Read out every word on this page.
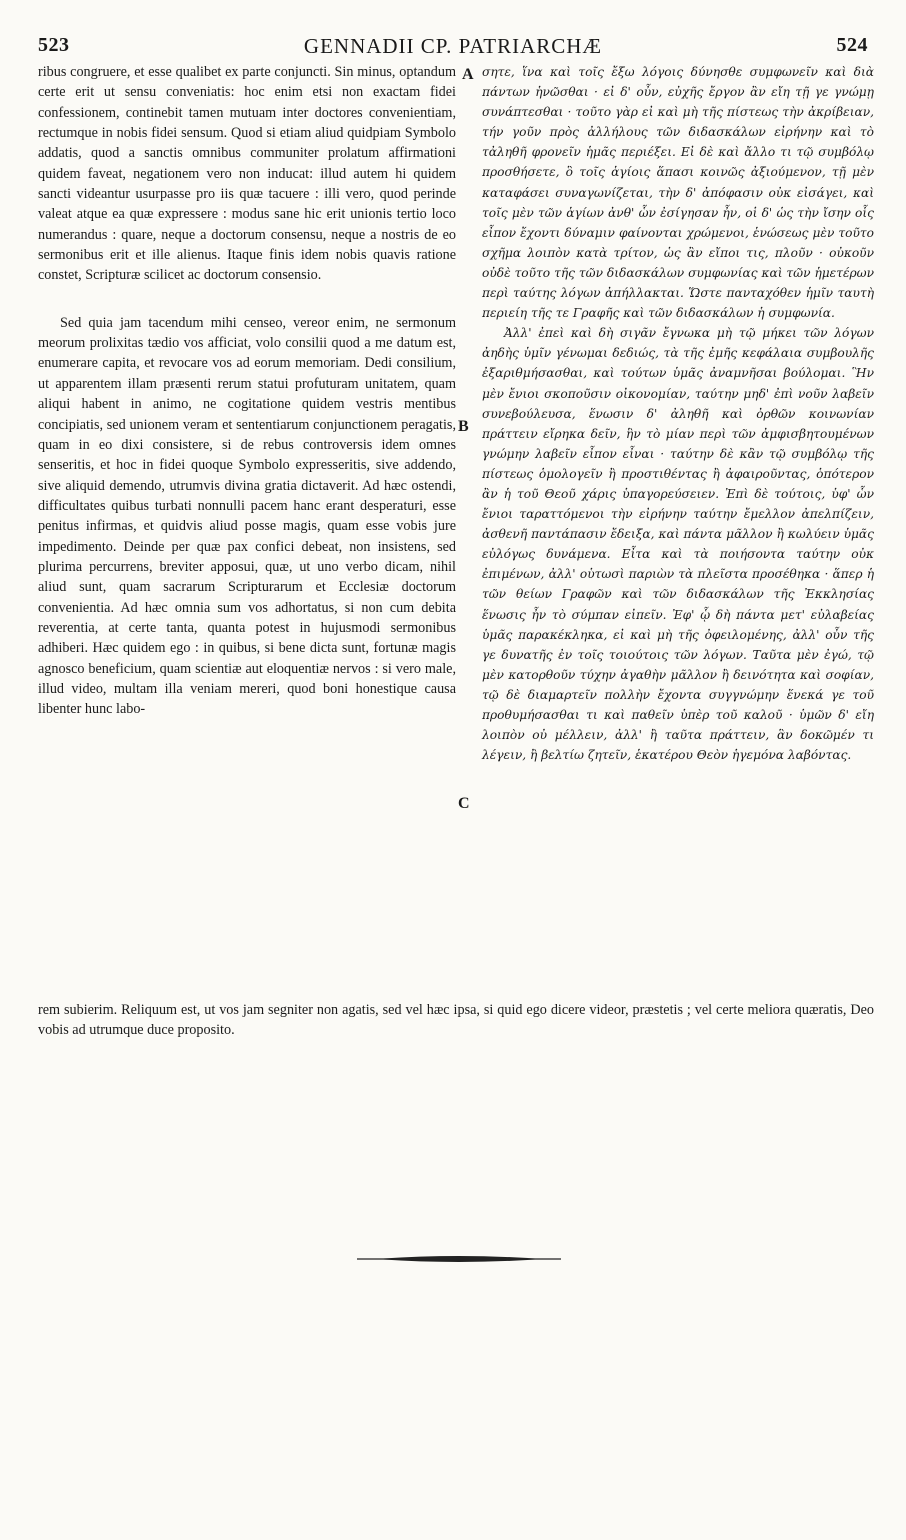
523	GENNADII CP. PATRIARCHÆ	524

ribus congruere, et esse qualibet ex parte conjuncti. Sin minus, optandum certe erit ut sensu conveniatis: hoc enim etsi non exactam fidei confessionem, continebit tamen mutuam inter doctores convenientiam, rectumque in nobis fidei sensum. Quod si etiam aliud quidpiam Symbolo addatis, quod a sanctis omnibus communiter prolatum affirmationi quidem faveat, negationem vero non inducat: illud autem hi quidem sancti videantur usurpasse pro iis quæ tacuere : illi vero, quod perinde valeat atque ea quæ expressere : modus sane hic erit unionis tertio loco numerandus : quare, neque a doctorum consensu, neque a nostris de eo sermonibus erit et ille alienus. Itaque finis idem nobis quavis ratione constet, Scripturæ scilicet ac doctorum consensio.

Sed quia jam tacendum mihi censeo, vereor enim, ne sermonum meorum prolixitas tædio vos afficiat, volo consilii quod a me datum est, enumerare capita, et revocare vos ad eorum memoriam. Dedi consilium, ut apparentem illam præsenti rerum statui profuturam unitatem, quam aliqui habent in animo, ne cogitatione quidem vestris mentibus concipiatis, sed unionem veram et sententiarum conjunctionem peragatis, quam in eo dixi consistere, si de rebus controversis idem omnes senseritis, et hoc in fidei quoque Symbolo expresseritis, sive addendo, sive aliquid demendo, utrumvis divina gratia dictaverit. Ad hæc ostendi, difficultates quibus turbati nonnulli pacem hanc erant desperaturi, esse penitus infirmas, et quidvis aliud posse magis, quam esse vobis jure impedimento. Deinde per quæ pax confici debeat, non insistens, sed plurima percurrens, breviter apposui, quæ, ut uno verbo dicam, nihil aliud sunt, quam sacrarum Scripturarum et Ecclesiæ doctorum convenientia. Ad hæc omnia sum vos adhortatus, si non cum debita reverentia, at certe tanta, quanta potest in hujusmodi sermonibus adhiberi. Hæc quidem ego : in quibus, si bene dicta sunt, fortunæ magis agnosco beneficium, quam scientiæ aut eloquentiæ nervos : si vero male, illud video, multam illa veniam mereri, quod boni honestique causa libenter hunc labo-

A
B
C

σητε, ἵνα καὶ τοῖς ἔξω λόγοις δύνησθε συμφωνεῖν καὶ διὰ πάντων ἡνῶσθαι · εἰ δ' οὖν, εὐχῆς ἔργον ἂν εἴη τῇ γε γνώμῃ συνάπτεσθαι · τοῦτο γὰρ εἰ καὶ μὴ τῆς πίστεως τὴν ἀκρίβειαν, τήν γοῦν πρὸς ἀλλήλους τῶν διδασκάλων εἰρήνην καὶ τὸ τἀληθῆ φρονεῖν ἡμᾶς περιέξει. Εἰ δὲ καὶ ἄλλο τι τῷ συμβόλῳ προσθήσετε, ὃ τοῖς ἁγίοις ἅπασι κοινῶς ἀξιούμενον, τῇ μὲν καταφάσει συναγωνίζεται, τὴν δ' ἀπόφασιν οὐκ εἰσάγει, καὶ τοῖς μὲν τῶν ἁγίων ἀνθ' ὧν ἐσίγησαν ἦν, οἱ δ' ὡς τὴν ἴσην οἷς εἶπον ἔχοντι δύναμιν φαίνονται χρώμενοι, ἑνώσεως μὲν τοῦτο σχῆμα λοιπὸν κατὰ τρίτον, ὡς ἂν εἴποι τις, πλοῦν · οὐκοῦν οὐδὲ τοῦτο τῆς τῶν διδασκάλων συμφωνίας καὶ τῶν ἡμετέρων περὶ ταύτης λόγων ἀπήλλακται. Ὥστε πανταχόθεν ἡμῖν ταυτὴ περιείη τῆς τε Γραφῆς καὶ τῶν διδασκάλων ἡ συμφωνία.

Ἀλλ' ἐπεὶ καὶ δὴ σιγᾶν ἔγνωκα μὴ τῷ μήκει τῶν λόγων ἀηδὴς ὑμῖν γένωμαι δεδιώς, τὰ τῆς ἐμῆς κεφάλαια συμβουλῆς ἐξαριθμήσασθαι, καὶ τούτων ὑμᾶς ἀναμνῆσαι βούλομαι. Ἣν μὲν ἔνιοι σκοποῦσιν οἰκονομίαν, ταύτην μηδ' ἐπὶ νοῦν λαβεῖν συνεβούλευσα, ἕνωσιν δ' ἀληθῆ καὶ ὀρθῶν κοινωνίαν πράττειν εἴρηκα δεῖν, ἣν τὸ μίαν περὶ τῶν ἀμφισβητουμένων γνώμην λαβεῖν εἶπον εἶναι · ταύτην δὲ κἂν τῷ συμβόλῳ τῆς πίστεως ὁμολογεῖν ἢ προστιθέντας ἢ ἀφαιροῦντας, ὁπότερον ἂν ἡ τοῦ Θεοῦ χάρις ὑπαγορεύσειεν. Ἐπὶ δὲ τούτοις, ὑφ' ὧν ἔνιοι ταραττόμενοι τὴν εἰρήνην ταύτην ἔμελλον ἀπελπίζειν, ἀσθενῆ παντάπασιν ἔδειξα, καὶ πάντα μᾶλλον ἢ κωλύειν ὑμᾶς εὐλόγως δυνάμενα. Εἶτα καὶ τὰ ποιήσοντα ταύτην οὐκ ἐπιμένων, ἀλλ' οὑτωσὶ παριὼν τὰ πλεῖστα προσέθηκα · ἅπερ ἡ τῶν θείων Γραφῶν καὶ τῶν διδασκάλων τῆς Ἐκκλησίας ἕνωσις ἦν τὸ σύμπαν εἰπεῖν. Ἐφ' ᾧ δὴ πάντα μετ' εὐλαβείας ὑμᾶς παρακέκληκα, εἰ καὶ μὴ τῆς ὀφειλομένης, ἀλλ' οὖν τῆς γε δυνατῆς ἐν τοῖς τοιούτοις τῶν λόγων. Ταῦτα μὲν ἐγώ, τῷ μὲν κατορθοῦν τύχην ἀγαθὴν μᾶλλον ἢ δεινότητα καὶ σοφίαν, τῷ δὲ διαμαρτεῖν πολλὴν ἔχοντα συγγνώμην ἕνεκά γε τοῦ προθυμήσασθαι τι καὶ παθεῖν ὑπὲρ τοῦ καλοῦ · ὑμῶν δ' εἴη λοιπὸν οὐ μέλλειν, ἀλλ' ἢ ταῦτα πράττειν, ἃν δοκῶμέν τι λέγειν, ἢ βελτίω ζητεῖν, ἑκατέρου Θεὸν ἡγεμόνα λαβόντας.

rem subierim. Reliquum est, ut vos jam segniter non agatis, sed vel hæc ipsa, si quid ego dicere videor, præstetis ; vel certe meliora quæratis, Deo vobis ad utrumque duce proposito.
